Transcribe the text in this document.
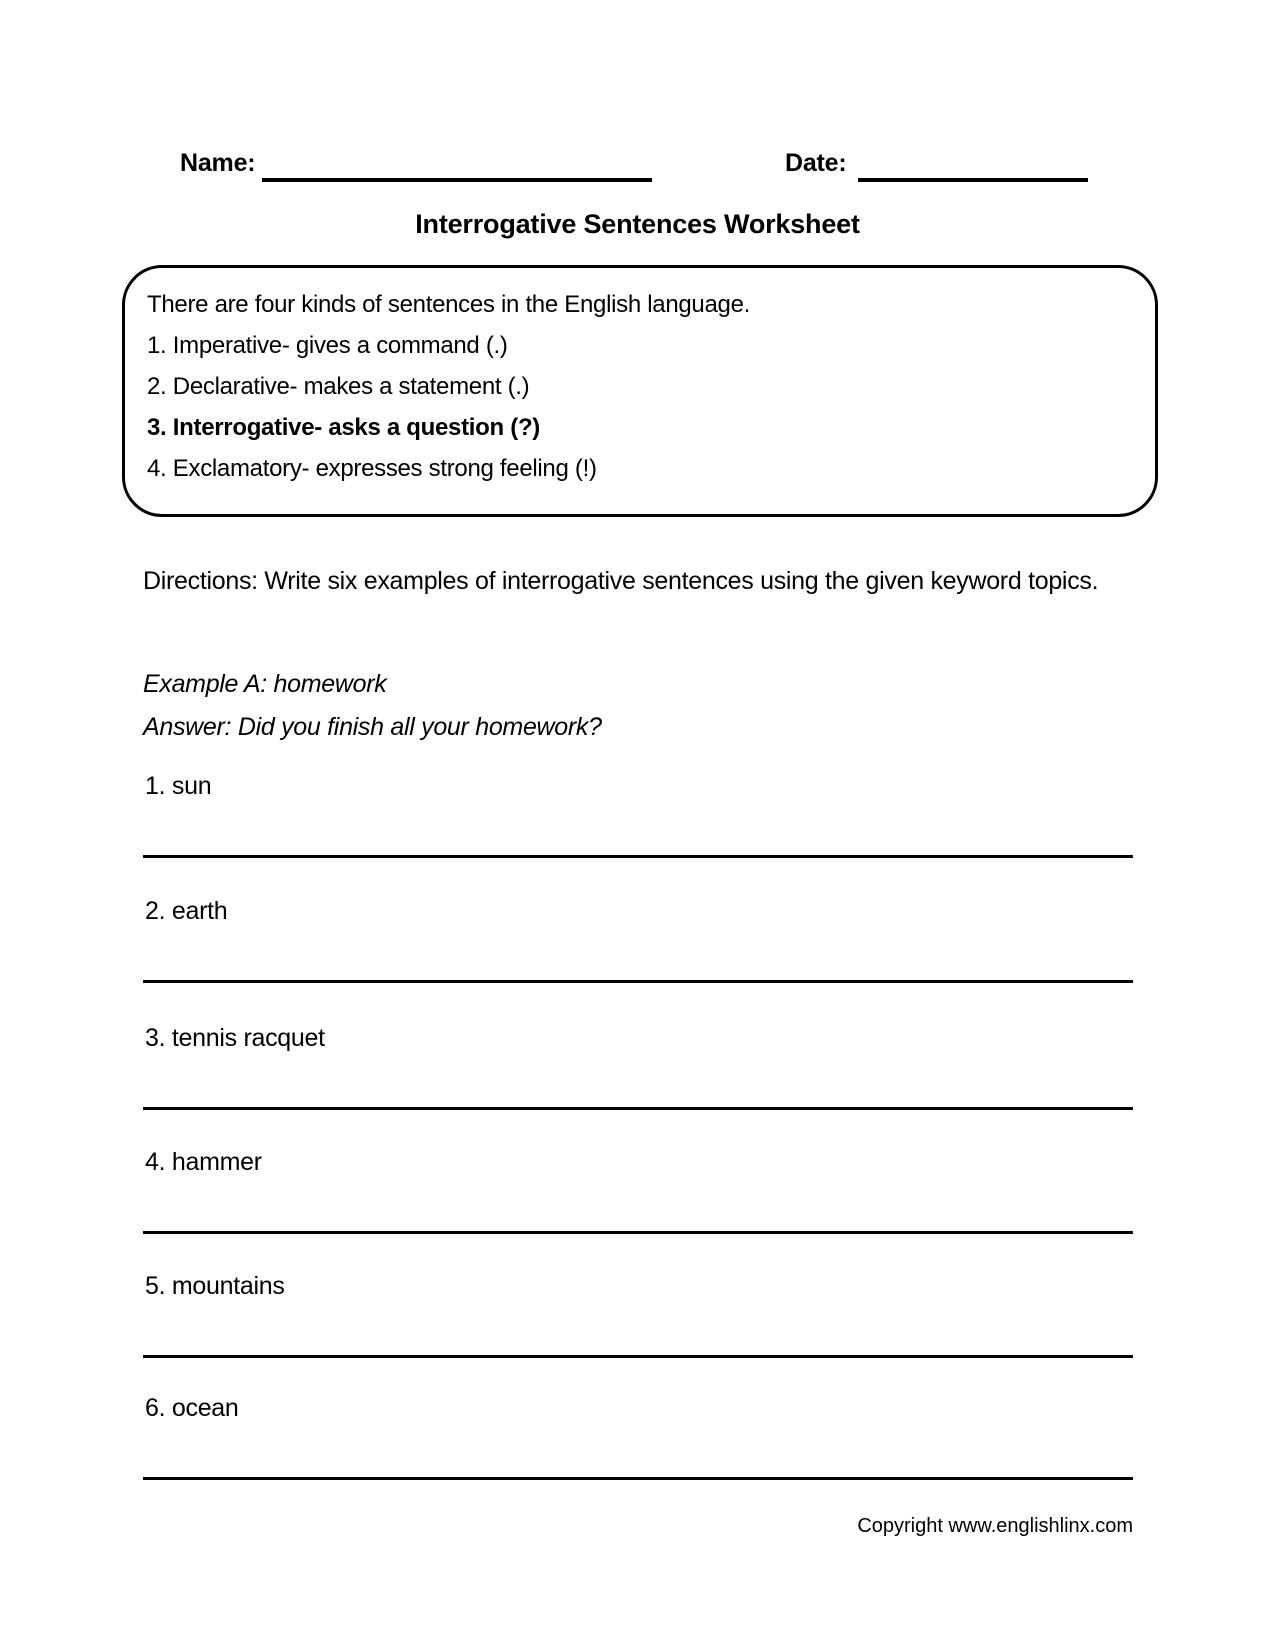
Name:	Date:
Interrogative Sentences Worksheet
There are four kinds of sentences in the English language.
1. Imperative- gives a command (.)
2. Declarative- makes a statement (.)
3. Interrogative- asks a question (?)
4. Exclamatory- expresses strong feeling (!)
Directions: Write six examples of interrogative sentences using the given keyword topics.
Example A: homework
Answer: Did you finish all your homework?
1. sun
2. earth
3. tennis racquet
4. hammer
5. mountains
6. ocean
Copyright www.englishlinx.com
